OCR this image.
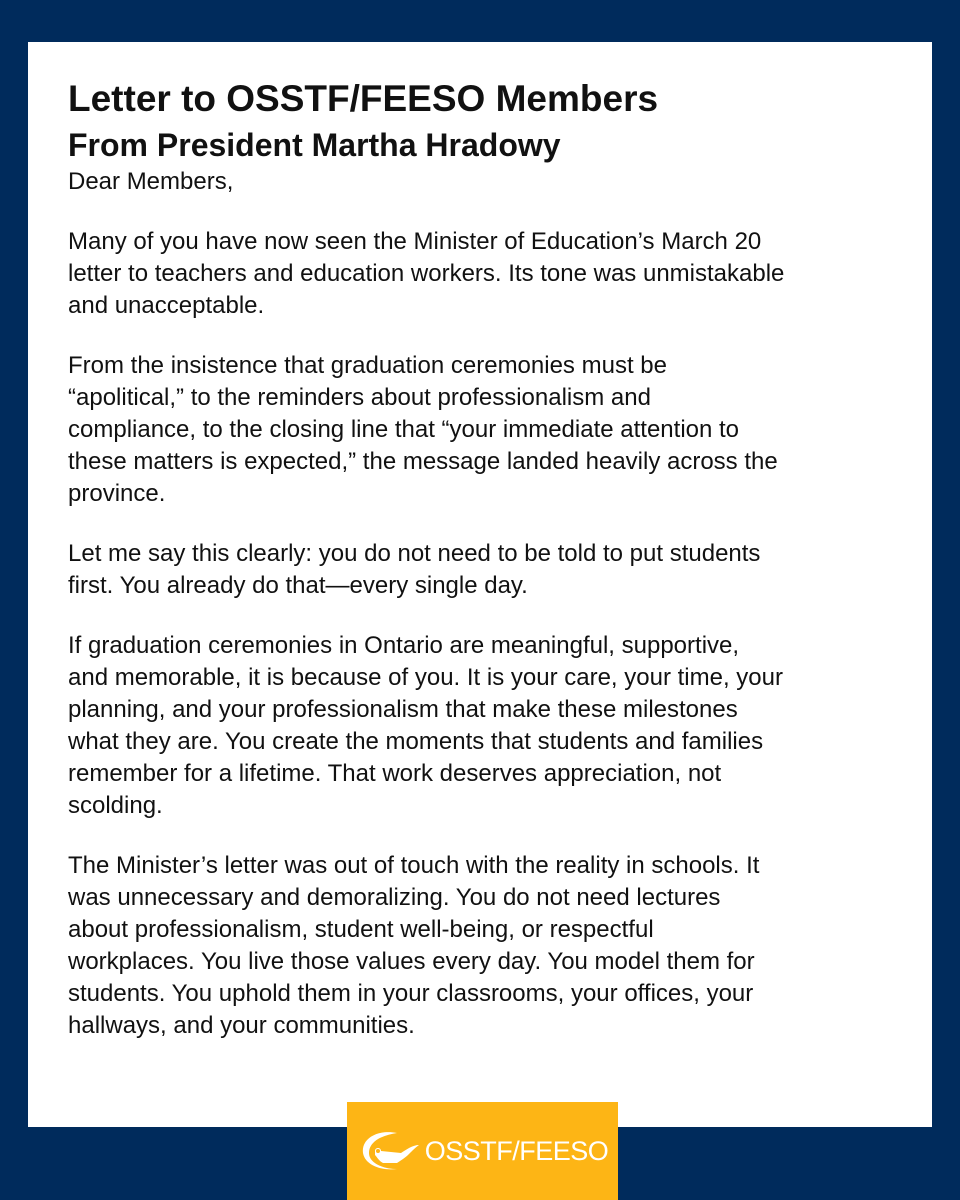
Letter to OSSTF/FEESO Members
From President Martha Hradowy
Dear Members,
Many of you have now seen the Minister of Education’s March 20
letter to teachers and education workers. Its tone was unmistakable
and unacceptable.
From the insistence that graduation ceremonies must be
“apolitical,” to the reminders about professionalism and
compliance, to the closing line that “your immediate attention to
these matters is expected,” the message landed heavily across the
province.
Let me say this clearly: you do not need to be told to put students
first. You already do that—every single day.
If graduation ceremonies in Ontario are meaningful, supportive,
and memorable, it is because of you. It is your care, your time, your
planning, and your professionalism that make these milestones
what they are. You create the moments that students and families
remember for a lifetime. That work deserves appreciation, not
scolding.
The Minister’s letter was out of touch with the reality in schools. It
was unnecessary and demoralizing. You do not need lectures
about professionalism, student well-being, or respectful
workplaces. You live those values every day. You model them for
students. You uphold them in your classrooms, your offices, your
hallways, and your communities.
OSSTF/FEESO
